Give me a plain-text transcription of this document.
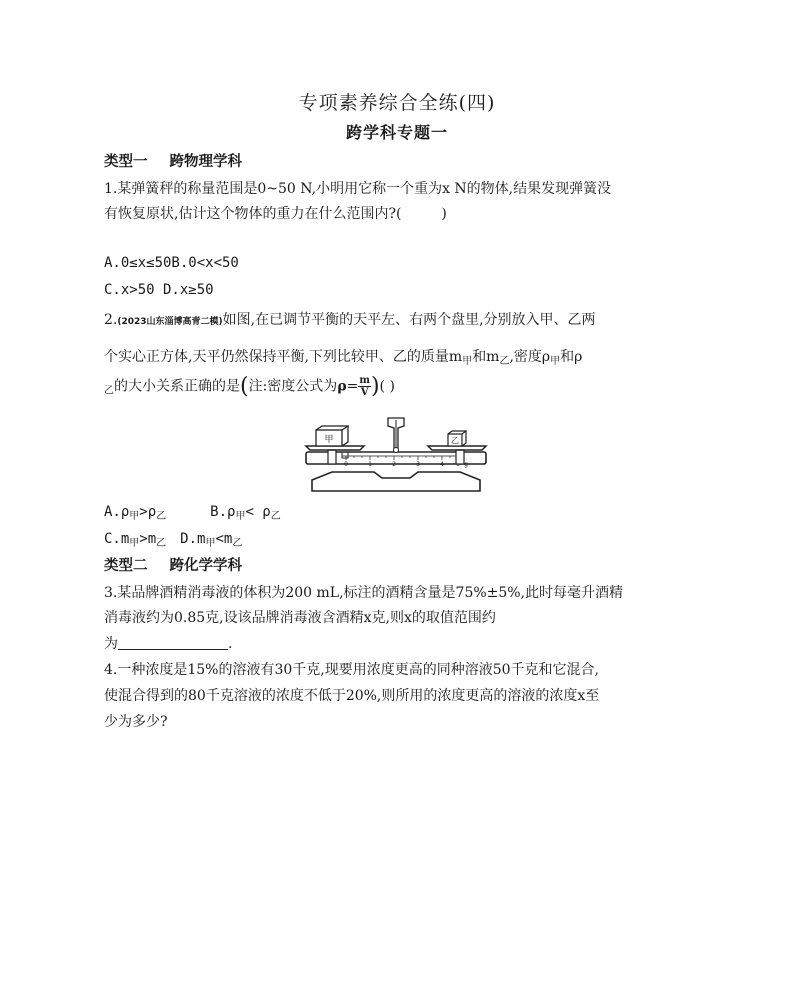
专项素养综合全练(四)
跨学科专题一
类型一 跨物理学科
1.某弹簧秤的称量范围是0~50 N,小明用它称一个重为x N的物体,结果发现弹簧没
有恢复原状,估计这个物体的重力在什么范围内?(	)
A.0≤x≤50B.0<x<50
C.x>50 D.x≥50
2.(2023山东淄博高青二模)如图,在已调节平衡的天平左、右两个盘里,分别放入甲、乙两
个实心正方体,天平仍然保持平衡,下列比较甲、乙的质量$m_甲$和$m_乙$,密度$\rho_甲$和ρ
$_乙$的大小关系正确的是(注:密度公式为$\rho= \frac{m}{V}$ )( )
0	1	2	3	4	g
甲	乙
$A.\rho_甲>\rho_乙$	$B.\rho_甲< \rho_乙$
$C.m_甲>m_乙$ $D.m_甲<m_乙$
类型二 跨化学学科
3.某品牌酒精消毒液的体积为200 mL,标注的酒精含量是75%±5%,此时每毫升酒精
消毒液约为0.85克,设该品牌消毒液含酒精x克,则x的取值范围约
为	.
4.一种浓度是15%的溶液有30千克,现要用浓度更高的同种溶液50千克和它混合,
使混合得到的80千克溶液的浓度不低于20%,则所用的浓度更高的溶液的浓度x至
少为多少?
